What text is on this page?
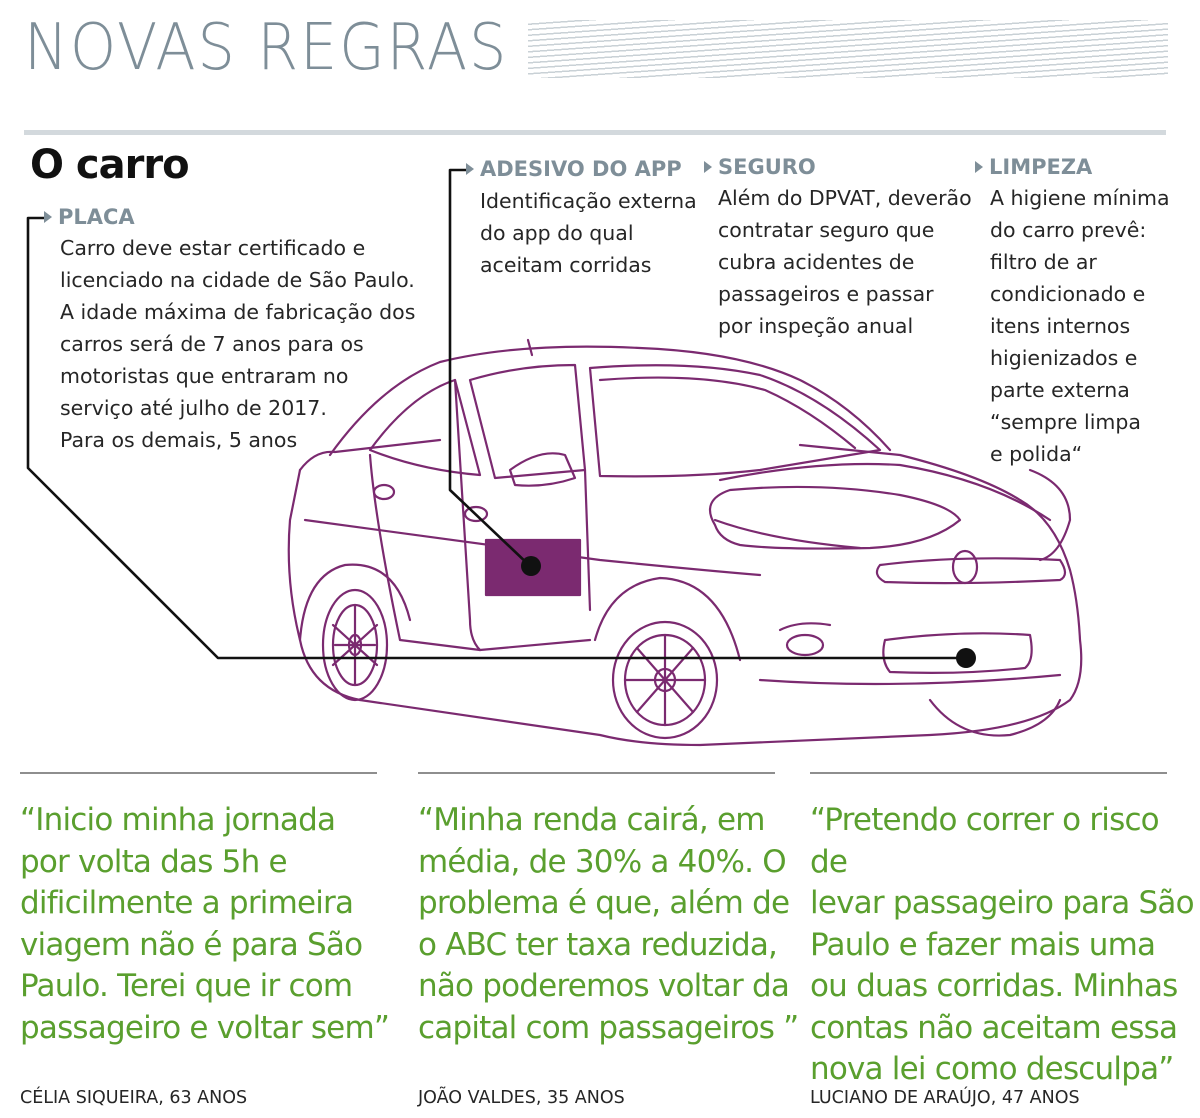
NOVAS REGRAS
O carro
PLACA
Carro deve estar certificado e
licenciado na cidade de São Paulo.
A idade máxima de fabricação dos
carros será de 7 anos para os
motoristas que entraram no
serviço até julho de 2017.
Para os demais, 5 anos
ADESIVO DO APP
Identificação externa
do app do qual
aceitam corridas
SEGURO
Além do DPVAT, deverão
contratar seguro que
cubra acidentes de
passageiros e passar
por inspeção anual
LIMPEZA
A higiene mínima
do carro prevê:
filtro de ar
condicionado e
itens internos
higienizados e
parte externa
“sempre limpa
e polida“
“Inicio minha jornada
por volta das 5h e
dificilmente a primeira
viagem não é para São
Paulo. Terei que ir com
passageiro e voltar sem”
“Minha renda cairá, em
média, de 30% a 40%. O
problema é que, além de
o ABC ter taxa reduzida,
não poderemos voltar da
capital com passageiros ”
“Pretendo correr o risco de
levar passageiro para São
Paulo e fazer mais uma
ou duas corridas. Minhas
contas não aceitam essa
nova lei como desculpa”
CÉLIA SIQUEIRA, 63 ANOS	JOÃO VALDES, 35 ANOS	LUCIANO DE ARAÚJO, 47 ANOS
